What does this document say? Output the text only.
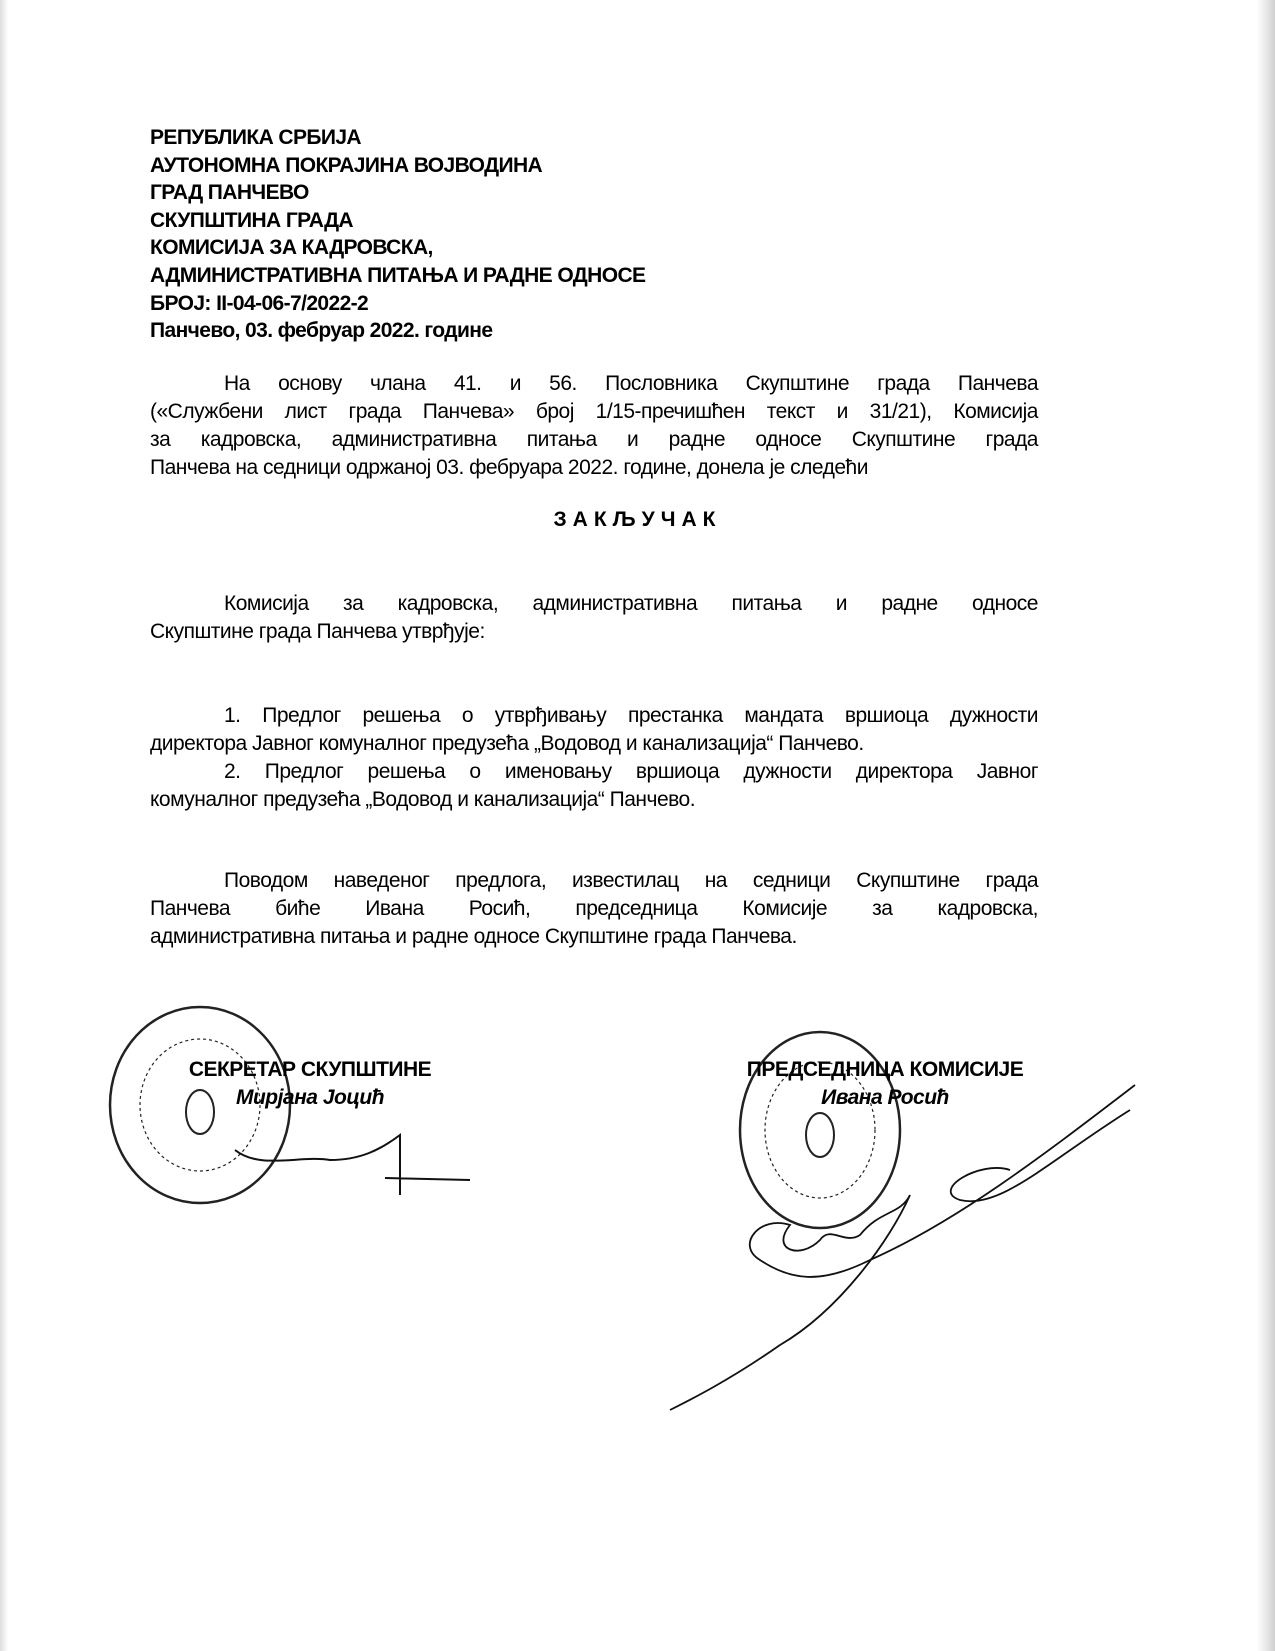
РЕПУБЛИКА СРБИЈА
АУТОНОМНА ПОКРАЈИНА ВОЈВОДИНА
ГРАД ПАНЧЕВО
СКУПШТИНА ГРАДА
КОМИСИЈА ЗА КАДРОВСКА,
АДМИНИСТРАТИВНА ПИТАЊА И РАДНЕ ОДНОСЕ
БРОЈ: II-04-06-7/2022-2
Панчево, 03. фебруар 2022. године
На основу члана 41. и 56. Пословника Скупштине града Панчева
(«Службени лист града Панчева» број 1/15-пречишћен текст и 31/21), Комисија
за кадровска, административна питања и радне односе Скупштине града
Панчева на седници одржаној 03. фебруара 2022. године, донела је следећи
ЗАКЉУЧАК
Комисија за кадровска, административна питања и радне односе
Скупштине града Панчева утврђује:
1. Предлог решења о утврђивању престанка мандата вршиоца дужности
директора Јавног комуналног предузећа „Водовод и канализација“ Панчево.
2. Предлог решења о именовању вршиоца дужности директора Јавног
комуналног предузећа „Водовод и канализација“ Панчево.
Поводом наведеног предлога, известилац на седници Скупштине града
Панчева биће Ивана Росић, председница Комисије за кадровска,
административна питања и радне односе Скупштине града Панчева.
СЕКРЕТАР СКУПШТИНЕ
Мирјана Јоцић
ПРЕДСЕДНИЦА КОМИСИЈЕ
Ивана Росић
